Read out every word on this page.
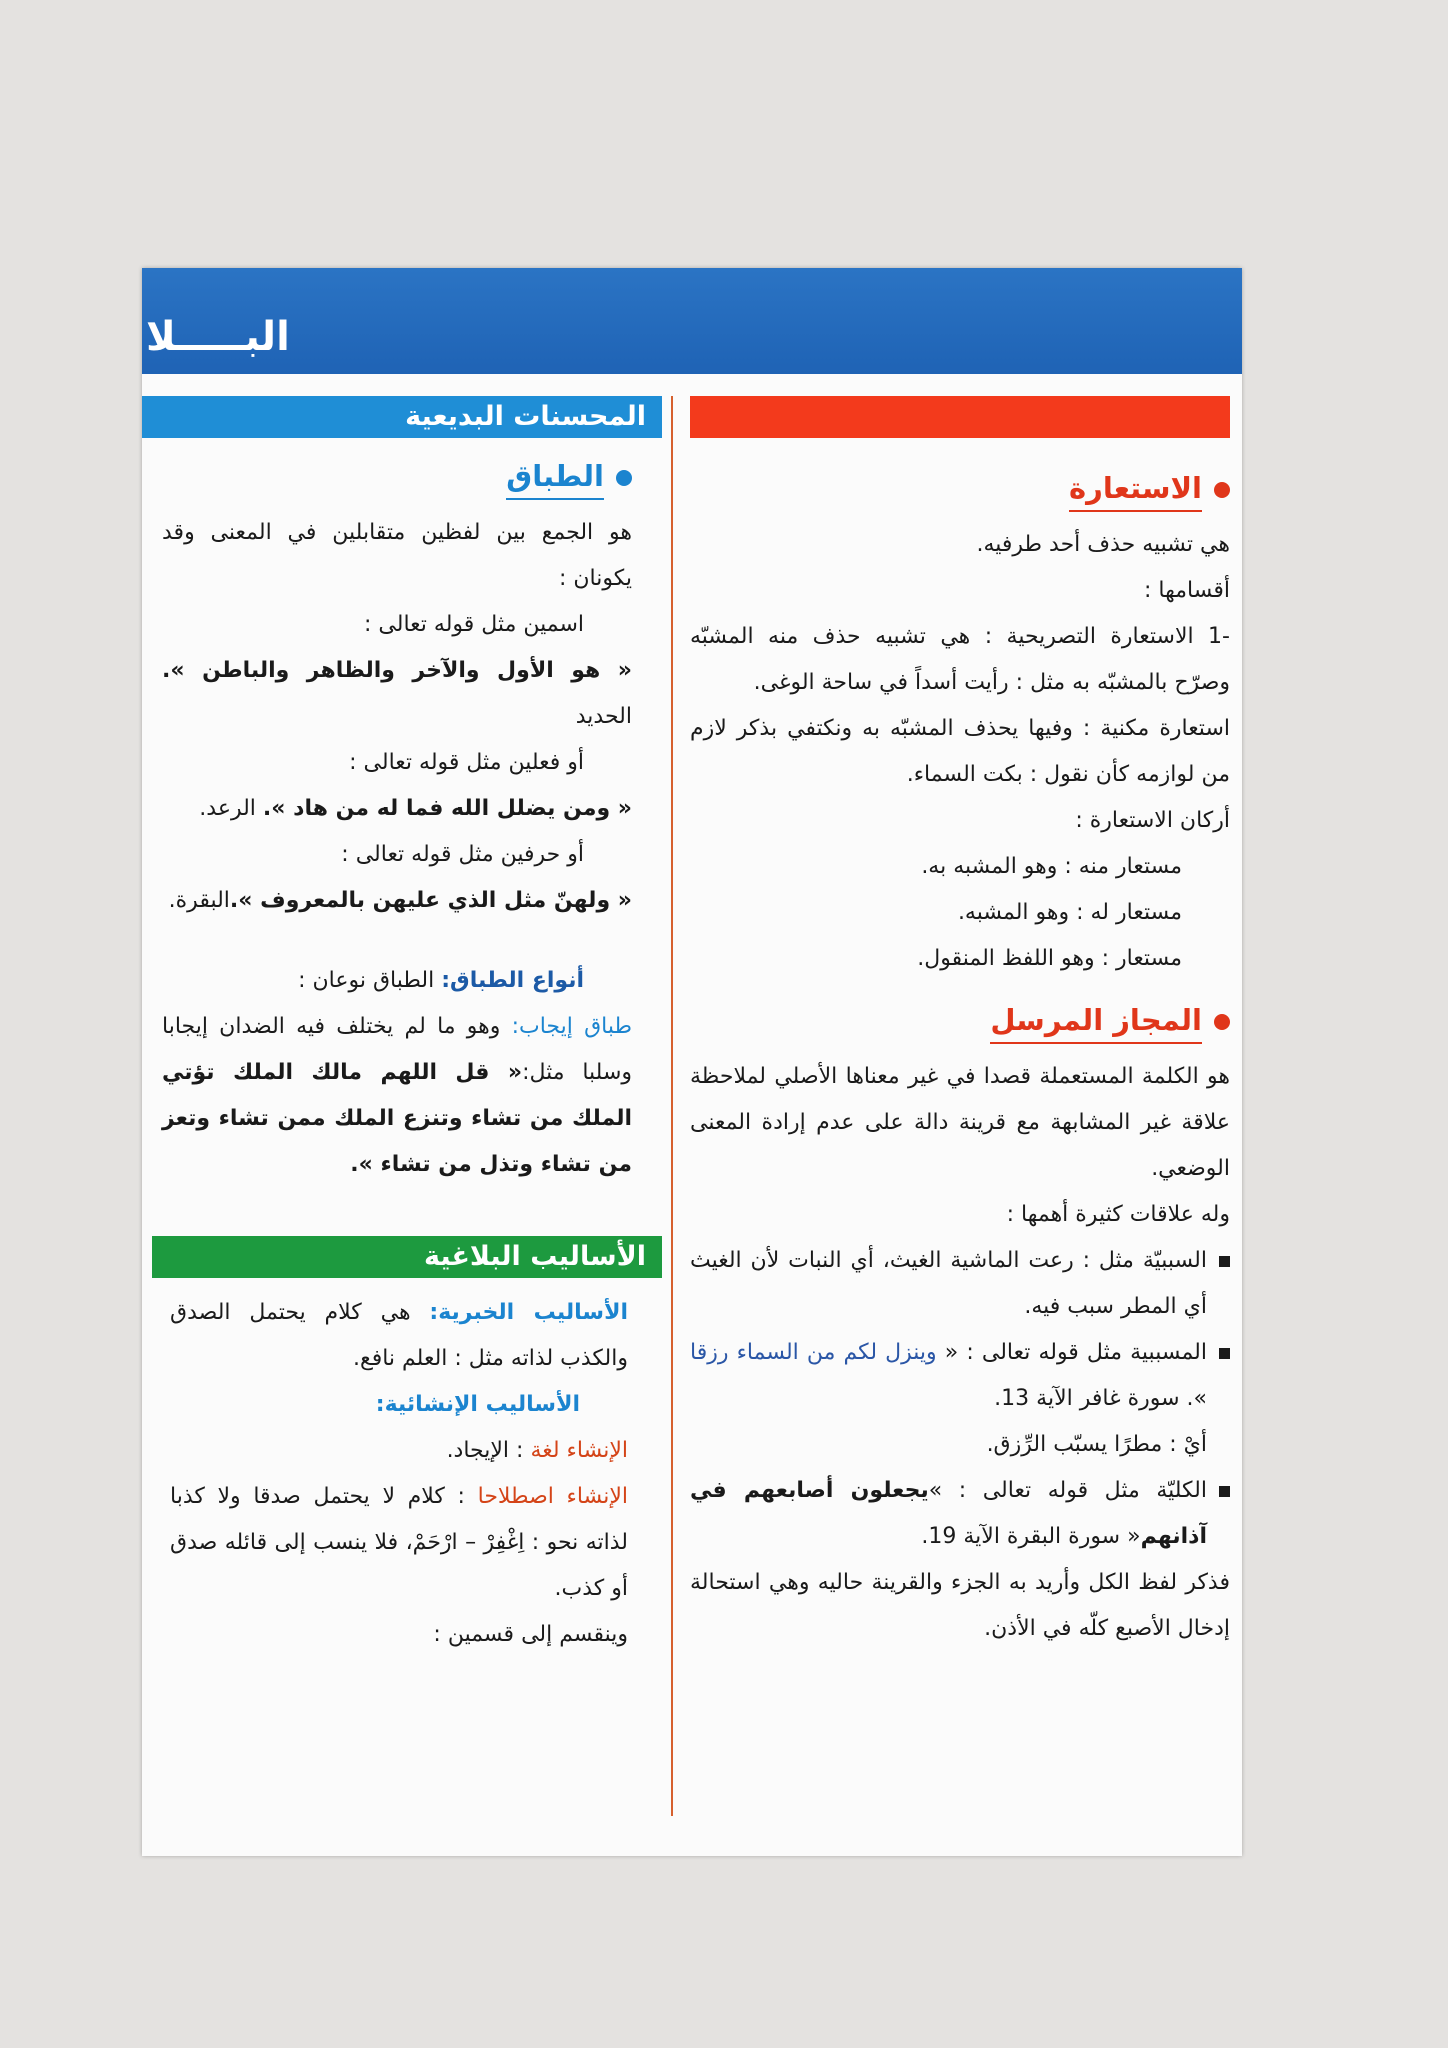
البـــــلا
الاستعارة

هي تشبيه حذف أحد طرفيه.

أقسامها :

-1 الاستعارة التصريحية : هي تشبيه حذف منه المشبّه وصرّح بالمشبّه به مثل : رأيت أسداً في ساحة الوغى.

استعارة مكنية : وفيها يحذف المشبّه به ونكتفي بذكر لازم من لوازمه كأن نقول : بكت السماء.

أركان الاستعارة :

مستعار منه : وهو المشبه به.

مستعار له : وهو المشبه.

مستعار : وهو اللفظ المنقول.

المجاز المرسل

هو الكلمة المستعملة قصدا في غير معناها الأصلي لملاحظة علاقة غير المشابهة مع قرينة دالة على عدم إرادة المعنى الوضعي.

وله علاقات كثيرة أهمها :

السببيّة مثل : رعت الماشية الغيث، أي النبات لأن الغيث أي المطر سبب فيه.

المسببية مثل قوله تعالى : « وينزل لكم من السماء رزقا ». سورة غافر الآية 13.

أيْ : مطرًا يسبّب الرِّزق.

الكليّة مثل قوله تعالى : »يجعلون أصابعهم في آذانهم« سورة البقرة الآية 19.

فذكر لفظ الكل وأريد به الجزء والقرينة حاليه وهي استحالة إدخال الأصبع كلّه في الأذن.

المحسنات البديعية
الطباق

هو الجمع بين لفظين متقابلين في المعنى وقد يكونان :

اسمين مثل قوله تعالى :

« هو الأول والآخر والظاهر والباطن ». الحديد

أو فعلين مثل قوله تعالى :

« ومن يضلل الله فما له من هاد ». الرعد.

أو حرفين مثل قوله تعالى :

« ولهنّ مثل الذي عليهن بالمعروف ».البقرة.

أنواع الطباق: الطباق نوعان :

طباق إيجاب: وهو ما لم يختلف فيه الضدان إيجابا وسلبا مثل:« قل اللهم مالك الملك تؤتي الملك من تشاء وتنزع الملك ممن تشاء وتعز من تشاء وتذل من تشاء ».

الأساليب البلاغية

الأساليب الخبرية: هي كلام يحتمل الصدق والكذب لذاته مثل : العلم نافع.

الأساليب الإنشائية:

الإنشاء لغة : الإيجاد.

الإنشاء اصطلاحا : كلام لا يحتمل صدقا ولا كذبا لذاته نحو : اِغْفِرْ – ارْحَمْ، فلا ينسب إلى قائله صدق أو كذب.

وينقسم إلى قسمين :
